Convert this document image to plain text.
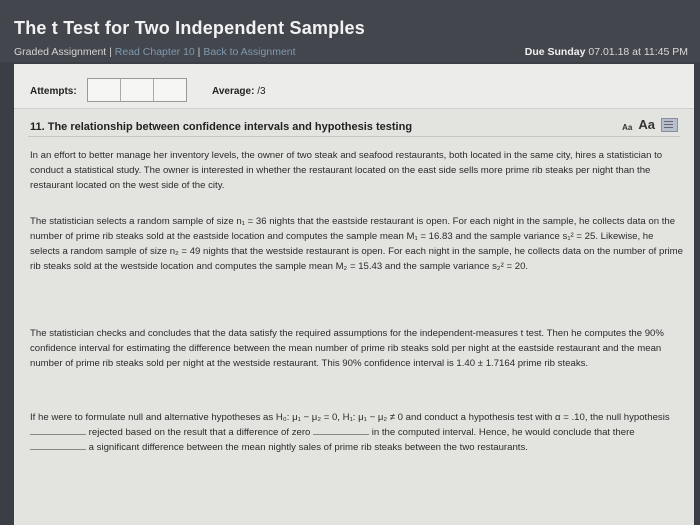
The t Test for Two Independent Samples
Graded Assignment | Read Chapter 10 | Back to Assignment	Due Sunday 07.01.18 at 11:45 PM
Attempts:	Average: /3
11. The relationship between confidence intervals and hypothesis testing	Aa Aa
In an effort to better manage her inventory levels, the owner of two steak and seafood restaurants, both located in the same city, hires a statistician to conduct a statistical study. The owner is interested in whether the restaurant located on the east side sells more prime rib steaks per night than the restaurant located on the west side of the city.
The statistician selects a random sample of size n₁ = 36 nights that the eastside restaurant is open. For each night in the sample, he collects data on the number of prime rib steaks sold at the eastside location and computes the sample mean M₁ = 16.83 and the sample variance s₁² = 25. Likewise, he selects a random sample of size n₂ = 49 nights that the westside restaurant is open. For each night in the sample, he collects data on the number of prime rib steaks sold at the westside location and computes the sample mean M₂ = 15.43 and the sample variance s₂² = 20.
The statistician checks and concludes that the data satisfy the required assumptions for the independent-measures t test. Then he computes the 90% confidence interval for estimating the difference between the mean number of prime rib steaks sold per night at the eastside restaurant and the mean number of prime rib steaks sold per night at the westside restaurant. This 90% confidence interval is 1.40 ± 1.7164 prime rib steaks.
If he were to formulate null and alternative hypotheses as H₀: μ₁ − μ₂ = 0, H₁: μ₁ − μ₂ ≠ 0 and conduct a hypothesis test with α = .10, the null hypothesis  rejected based on the result that a difference of zero	in the computed interval. Hence, he would conclude that there  a significant difference between the mean nightly sales of prime rib steaks between the two restaurants.
